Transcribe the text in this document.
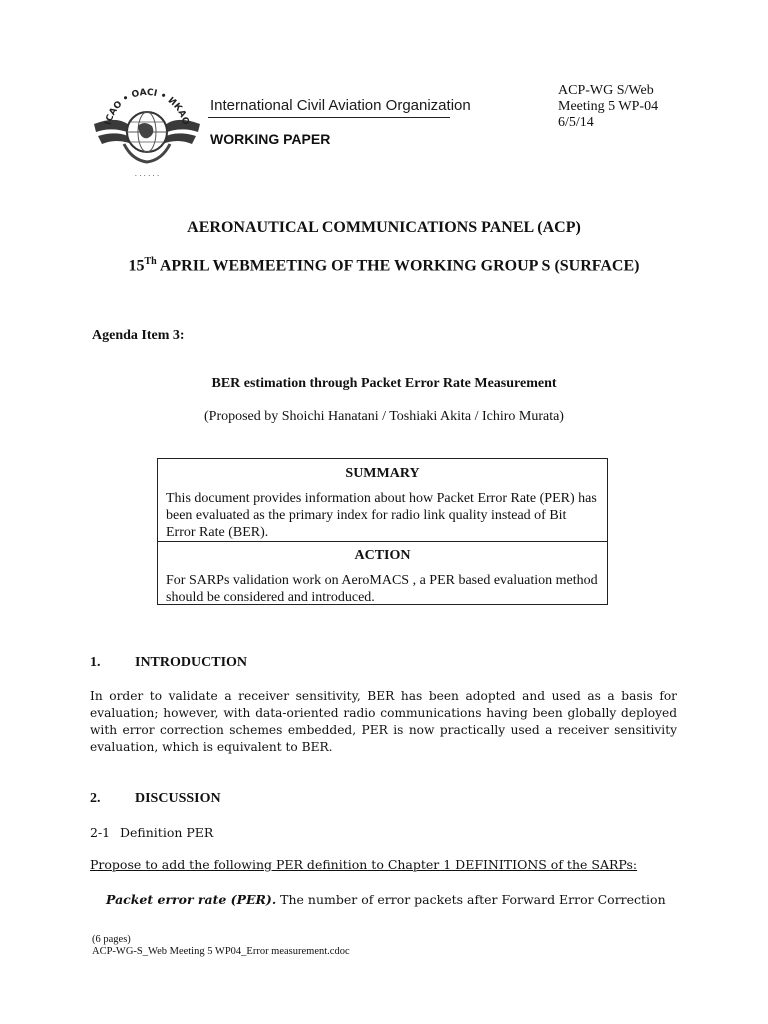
ICAO • OACI • ИКАО
· · · · · ·
International Civil Aviation Organization
WORKING PAPER
ACP-WG S/Web
Meeting 5 WP-04
6/5/14
AERONAUTICAL COMMUNICATIONS PANEL (ACP)
15Th APRIL WEBMEETING OF THE WORKING GROUP S (SURFACE)
Agenda Item 3:
BER estimation through Packet Error Rate Measurement
(Proposed by Shoichi Hanatani / Toshiaki Akita / Ichiro Murata)
SUMMARY
This document provides information about how Packet Error Rate (PER) has been evaluated as the primary index for radio link quality instead of Bit Error Rate (BER).
ACTION
For SARPs validation work on AeroMACS , a PER based evaluation method should be considered and introduced.
1. INTRODUCTION
In order to validate a receiver sensitivity, BER has been adopted and used as a basis for evaluation; however, with data-oriented radio communications having been globally deployed with error correction schemes embedded, PER is now practically used a receiver sensitivity evaluation, which is equivalent to BER.
2. DISCUSSION
2-1 Definition PER
Propose to add the following PER definition to Chapter 1 DEFINITIONS of the SARPs:
Packet error rate (PER). The number of error packets after Forward Error Correction
(6 pages)
ACP-WG-S_Web Meeting 5 WP04_Error measurement.cdoc
